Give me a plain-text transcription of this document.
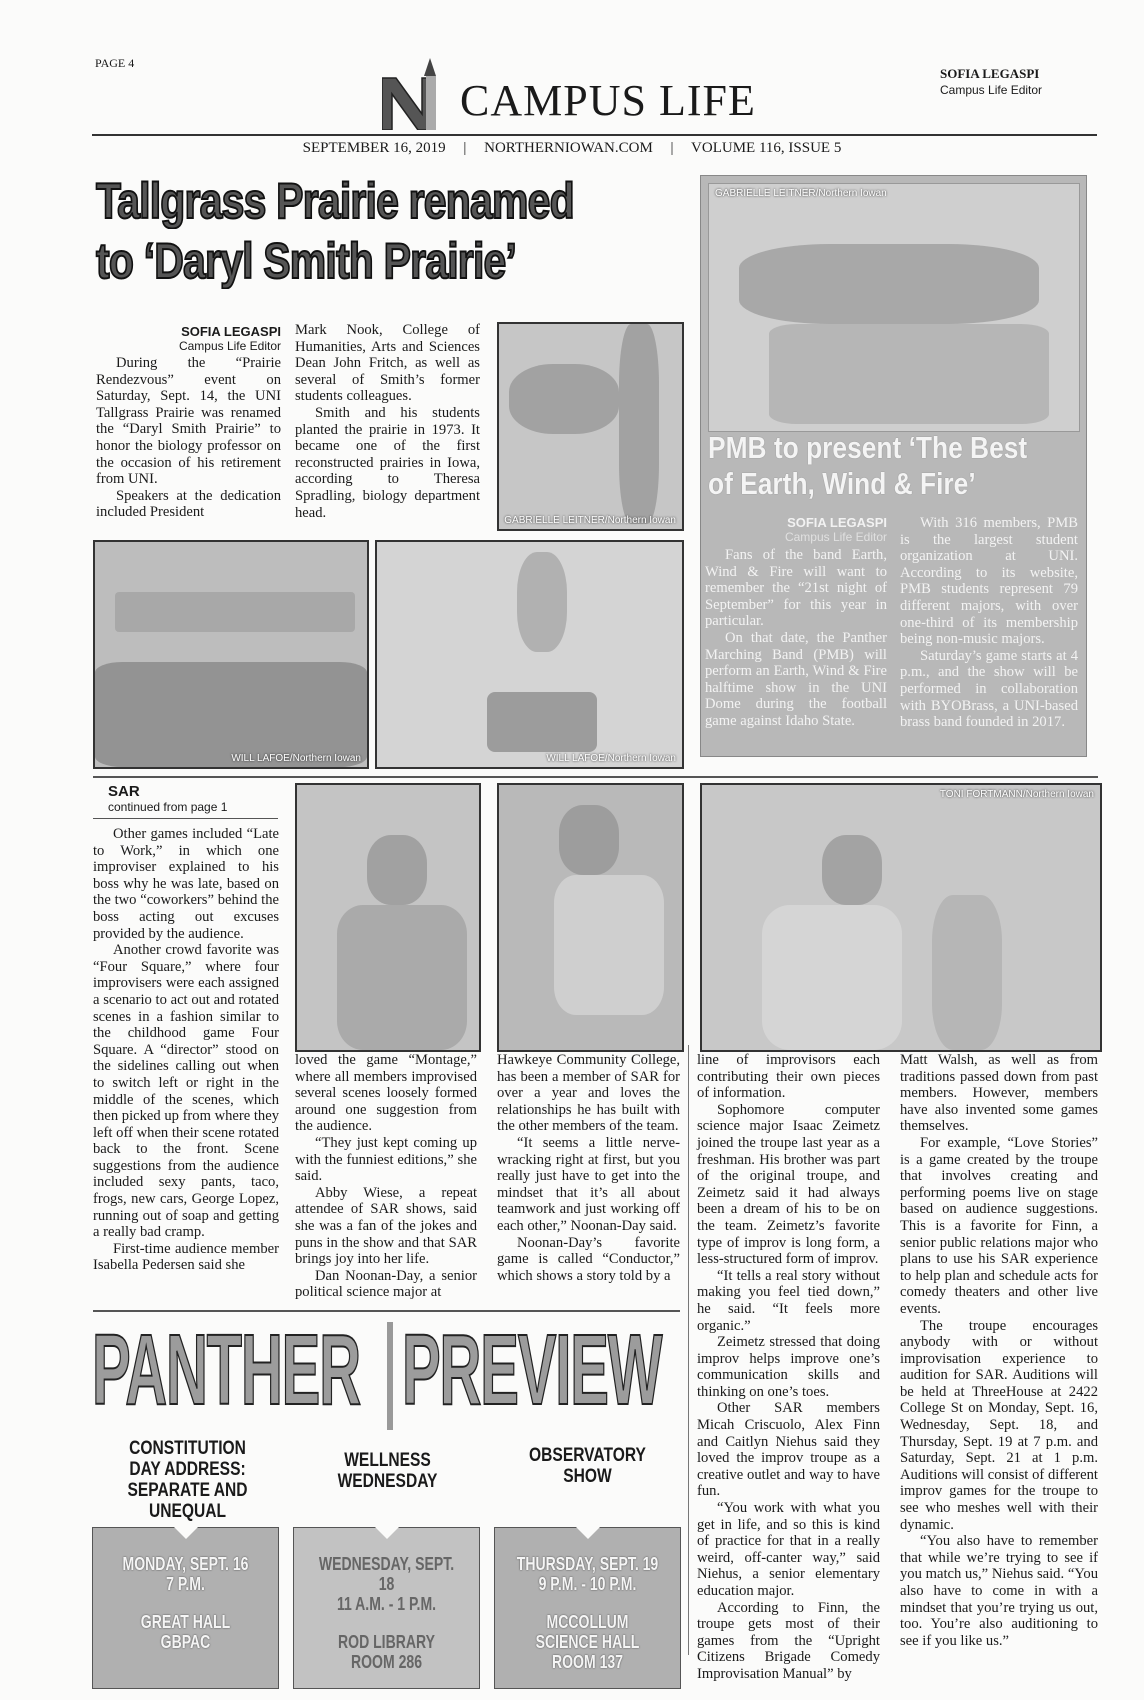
PAGE 4
CAMPUS LIFE
SOFIA LEGASPI
Campus Life Editor
SEPTEMBER 16, 2019 | NORTHERNIOWAN.COM | VOLUME 116, ISSUE 5
Tallgrass Prairie renamed
to ‘Daryl Smith Prairie’
SOFIA LEGASPI
Campus Life Editor

During the “Prairie Rendezvous” event on Saturday, Sept. 14, the UNI Tallgrass Prairie was renamed the “Daryl Smith Prairie” to honor the biology professor on the occasion of his retirement from UNI.

Speakers at the dedication included President

Mark Nook, College of Humanities, Arts and Sciences Dean John Fritch, as well as several of Smith’s former students colleagues.

Smith and his students planted the prairie in 1973. It became one of the first reconstructed prairies in Iowa, according to Theresa Spradling, biology department head.	GABRIELLE LEITNER/Northern Iowan
WILL LAFOE/Northern Iowan	WILL LAFOE/Northern Iowan
GABRIELLE LEITNER/Northern Iowan
PMB to present ‘The Best
of Earth, Wind & Fire’
SOFIA LEGASPI
Campus Life Editor

Fans of the band Earth, Wind & Fire will want to remember the “21st night of September” for this year in particular.

On that date, the Panther Marching Band (PMB) will perform an Earth, Wind & Fire halftime show in the UNI Dome during the football game against Idaho State.

With 316 members, PMB is the largest student organization at UNI. According to its website, PMB students represent 79 different majors, with over one-third of its membership being non-music majors.

Saturday’s game starts at 4 p.m., and the show will be performed in collaboration with BYOBrass, a UNI-based brass band founded in 2017.

SAR
continued from page 1

Other games included “Late to Work,” in which one improviser explained to his boss why he was late, based on the two “coworkers” behind the boss acting out excuses provided by the audience.

Another crowd favorite was “Four Square,” where four improvisers were each assigned a scenario to act out and rotated scenes in a fashion similar to the childhood game Four Square. A “director” stood on the sidelines calling out when to switch left or right in the middle of the scenes, which then picked up from where they left off when their scene rotated back to the front. Scene suggestions from the audience included sexy pants, taco, frogs, new cars, George Lopez, running out of soap and getting a really bad cramp.

First-time audience member Isabella Pedersen said she

TONI FORTMANN/Northern Iowan

loved the game “Montage,” where all members improvised several scenes loosely formed around one suggestion from the audience.

“They just kept coming up with the funniest editions,” she said.

Abby Wiese, a repeat attendee of SAR shows, said she was a fan of the jokes and puns in the show and that SAR brings joy into her life.

Dan Noonan-Day, a senior political science major at

Hawkeye Community College, has been a member of SAR for over a year and loves the relationships he has built with the other members of the team.

“It seems a little nerve-wracking right at first, but you really just have to get into the mindset that it’s all about teamwork and just working off each other,” Noonan-Day said.

Noonan-Day’s favorite game is called “Conductor,” which shows a story told by a

line of improvisors each contributing their own pieces of information.

Sophomore computer science major Isaac Zeimetz joined the troupe last year as a freshman. His brother was part of the original troupe, and Zeimetz said it had always been a dream of his to be on the team. Zeimetz’s favorite type of improv is long form, a less-structured form of improv.

“It tells a real story without making you feel tied down,” he said. “It feels more organic.”

Zeimetz stressed that doing improv helps improve one’s communication skills and thinking on one’s toes.

Other SAR members Micah Criscuolo, Alex Finn and Caitlyn Niehus said they loved the improv troupe as a creative outlet and way to have fun.

“You work with what you get in life, and so this is kind of practice for that in a really weird, off-canter way,” said Niehus, a senior elementary education major.

According to Finn, the troupe gets most of their games from the “Upright Citizens Brigade Comedy Improvisation Manual” by

Matt Walsh, as well as from traditions passed down from past members. However, members have also invented some games themselves.

For example, “Love Stories” is a game created by the troupe that involves creating and performing poems live on stage based on audience suggestions. This is a favorite for Finn, a senior public relations major who plans to use his SAR experience to help plan and schedule acts for comedy theaters and other live events.

The troupe encourages anybody with or without improvisation experience to audition for SAR. Auditions will be held at ThreeHouse at 2422 College St on Monday, Sept. 16, Wednesday, Sept. 18, and Thursday, Sept. 19 at 7 p.m. and Saturday, Sept. 21 at 1 p.m. Auditions will consist of different improv games for the troupe to see who meshes well with their dynamic.

“You also have to remember that while we’re trying to see if you match us,” Niehus said. “You also have to come in with a mindset that you’re trying us out, too. You’re also auditioning to see if you like us.”

PANTHER PREVIEW
CONSTITUTION DAY ADDRESS: SEPARATE AND UNEQUAL
MONDAY, SEPT. 16
7 P.M.
GREAT HALL
GBPAC
WELLNESS WEDNESDAY
WEDNESDAY, SEPT. 18
11 A.M. - 1 P.M.
ROD LIBRARY
ROOM 286
OBSERVATORY SHOW
THURSDAY, SEPT. 19
9 P.M. - 10 P.M.
MCCOLLUM SCIENCE HALL
ROOM 137
